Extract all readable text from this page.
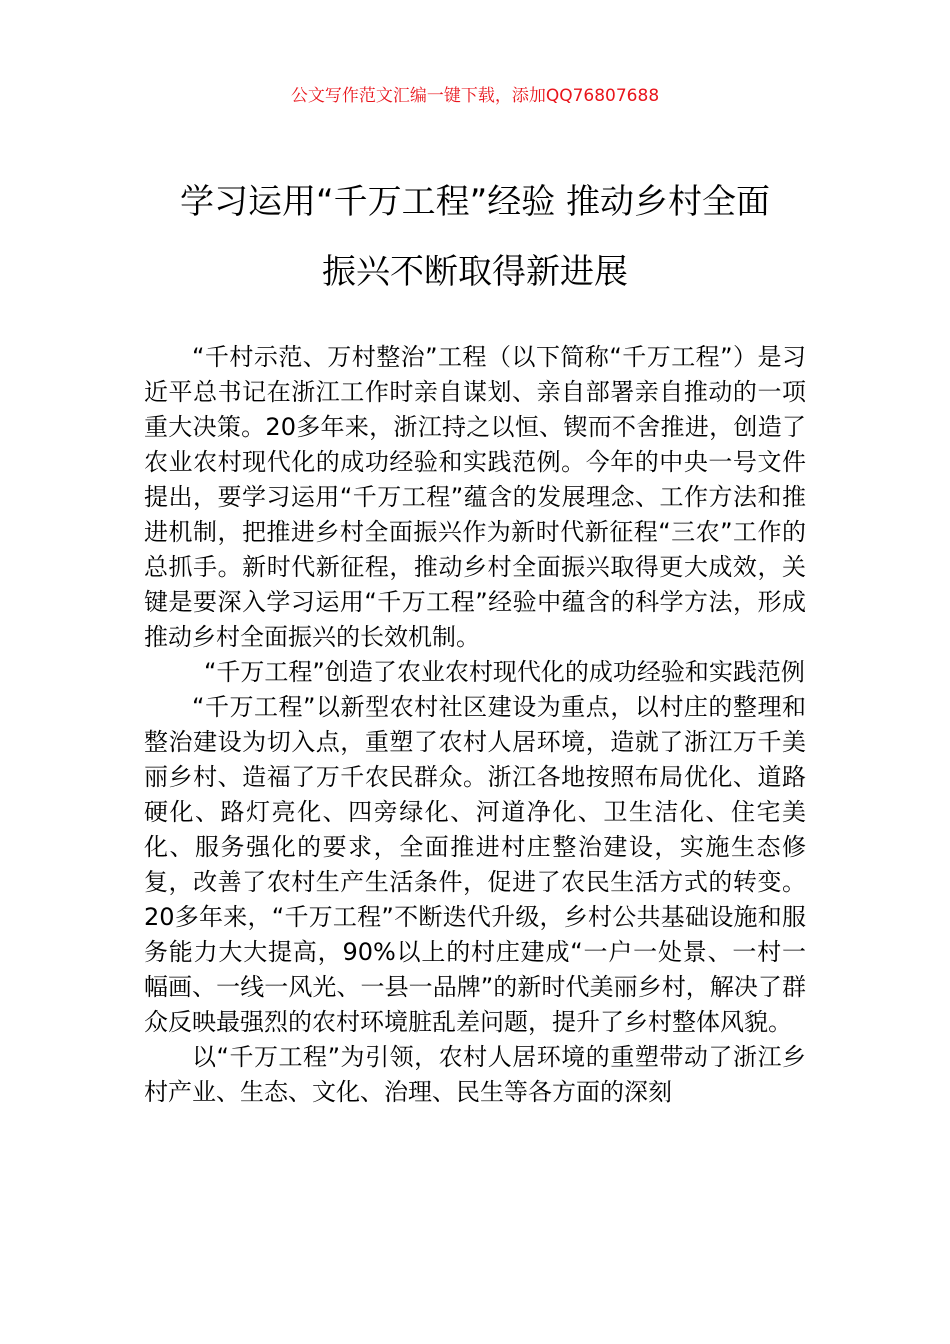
公文写作范文汇编一键下载，添加QQ76807688
学习运用“千万工程”经验 推动乡村全面
振兴不断取得新进展

“千村示范、万村整治”工程（以下简称“千万工程”）是习近平总书记在浙江工作时亲自谋划、亲自部署亲自推动的一项重大决策。20多年来，浙江持之以恒、锲而不舍推进，创造了农业农村现代化的成功经验和实践范例。今年的中央一号文件提出，要学习运用“千万工程”蕴含的发展理念、工作方法和推进机制，把推进乡村全面振兴作为新时代新征程“三农”工作的总抓手。新时代新征程，推动乡村全面振兴取得更大成效，关键是要深入学习运用“千万工程”经验中蕴含的科学方法，形成推动乡村全面振兴的长效机制。

“千万工程”创造了农业农村现代化的成功经验和实践范例

“千万工程”以新型农村社区建设为重点，以村庄的整理和整治建设为切入点，重塑了农村人居环境，造就了浙江万千美丽乡村、造福了万千农民群众。浙江各地按照布局优化、道路硬化、路灯亮化、四旁绿化、河道净化、卫生洁化、住宅美化、服务强化的要求，全面推进村庄整治建设，实施生态修复，改善了农村生产生活条件，促进了农民生活方式的转变。20多年来，“千万工程”不断迭代升级，乡村公共基础设施和服务能力大大提高，90%以上的村庄建成“一户一处景、一村一幅画、一线一风光、一县一品牌”的新时代美丽乡村，解决了群众反映最强烈的农村环境脏乱差问题，提升了乡村整体风貌。

以“千万工程”为引领，农村人居环境的重塑带动了浙江乡村产业、生态、文化、治理、民生等各方面的深刻
